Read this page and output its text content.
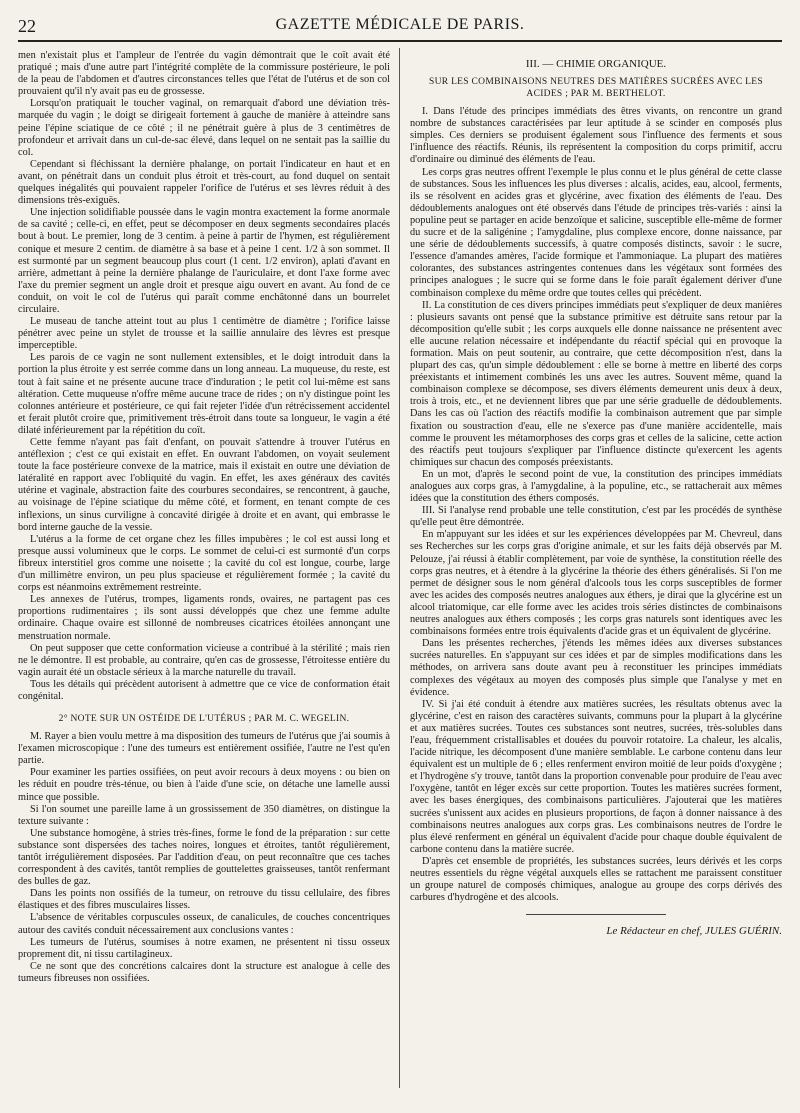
22	GAZETTE MÉDICALE DE PARIS.

men n'existait plus et l'ampleur de l'entrée du vagin démontrait que le coït avait été pratiqué ; mais d'une autre part l'intégrité complète de la commissure postérieure, le poli de la peau de l'abdomen et d'autres circonstances telles que l'état de l'utérus et de son col prouvaient qu'il n'y avait pas eu de grossesse.

Lorsqu'on pratiquait le toucher vaginal, on remarquait d'abord une déviation très-marquée du vagin ; le doigt se dirigeait fortement à gauche de manière à atteindre sans peine l'épine sciatique de ce côté ; il ne pénétrait guère à plus de 3 centimètres de profondeur et arrivait dans un cul-de-sac élevé, dans lequel on ne sentait pas la saillie du col.

Cependant si fléchissant la dernière phalange, on portait l'indicateur en haut et en avant, on pénétrait dans un conduit plus étroit et très-court, au fond duquel on sentait quelques inégalités qui pouvaient rappeler l'orifice de l'utérus et ses lèvres réduit à des dimensions très-exiguës.

Une injection solidifiable poussée dans le vagin montra exactement la forme anormale de sa cavité ; celle-ci, en effet, peut se décomposer en deux segments secondaires placés bout à bout. Le premier, long de 3 centim. à peine à partir de l'hymen, est régulièrement conique et mesure 2 centim. de diamètre à sa base et à peine 1 cent. 1/2 à son sommet. Il est surmonté par un segment beaucoup plus court (1 cent. 1/2 environ), aplati d'avant en arrière, admettant à peine la dernière phalange de l'auriculaire, et dont l'axe forme avec l'axe du premier segment un angle droit et presque aigu ouvert en avant. Au fond de ce conduit, on voit le col de l'utérus qui paraît comme enchâtonné dans un bourrelet circulaire.

Le museau de tanche atteint tout au plus 1 centimètre de diamètre ; l'orifice laisse pénétrer avec peine un stylet de trousse et la saillie annulaire des lèvres est presque imperceptible.

Les parois de ce vagin ne sont nullement extensibles, et le doigt introduit dans la portion la plus étroite y est serrée comme dans un long anneau. La muqueuse, du reste, est tout à fait saine et ne présente aucune trace d'induration ; le petit col lui-même est sans altération. Cette muqueuse n'offre même aucune trace de rides ; on n'y distingue point les colonnes antérieure et postérieure, ce qui fait rejeter l'idée d'un rétrécissement accidentel et ferait plutôt croire que, primitivement très-étroit dans toute sa longueur, le vagin a été dilaté inférieurement par la répétition du coït.

Cette femme n'ayant pas fait d'enfant, on pouvait s'attendre à trouver l'utérus en antéflexion ; c'est ce qui existait en effet. En ouvrant l'abdomen, on voyait seulement toute la face postérieure convexe de la matrice, mais il existait en outre une déviation de latéralité en rapport avec l'obliquité du vagin. En effet, les axes généraux des cavités utérine et vaginale, abstraction faite des courbures secondaires, se rencontrent, à gauche, au voisinage de l'épine sciatique du même côté, et forment, en tenant compte de ces inflexions, un sinus curviligne à concavité dirigée à droite et en avant, qui embrasse le bord interne gauche de la vessie.

L'utérus a la forme de cet organe chez les filles impubères ; le col est aussi long et presque aussi volumineux que le corps. Le sommet de celui-ci est surmonté d'un corps fibreux interstitiel gros comme une noisette ; la cavité du col est longue, courbe, large d'un millimètre environ, un peu plus spacieuse et régulièrement formée ; la cavité du corps est néanmoins extrêmement restreinte.

Les annexes de l'utérus, trompes, ligaments ronds, ovaires, ne partagent pas ces proportions rudimentaires ; ils sont aussi développés que chez une femme adulte ordinaire. Chaque ovaire est sillonné de nombreuses cicatrices étoilées annonçant une menstruation normale.

On peut supposer que cette conformation vicieuse a contribué à la stérilité ; mais rien ne le démontre. Il est probable, au contraire, qu'en cas de grossesse, l'étroitesse entière du vagin aurait été un obstacle sérieux à la marche naturelle du travail.

Tous les détails qui précèdent autorisent à admettre que ce vice de conformation était congénital.

2° NOTE SUR UN OSTÉIDE DE L'UTÉRUS ; PAR M. C. WEGELIN.

M. Rayer a bien voulu mettre à ma disposition des tumeurs de l'utérus que j'ai soumis à l'examen microscopique : l'une des tumeurs est entièrement ossifiée, l'autre ne l'est qu'en partie.

Pour examiner les parties ossifiées, on peut avoir recours à deux moyens : ou bien on les réduit en poudre très-ténue, ou bien à l'aide d'une scie, on détache une lamelle aussi mince que possible.

Si l'on soumet une pareille lame à un grossissement de 350 diamètres, on distingue la texture suivante :

Une substance homogène, à stries très-fines, forme le fond de la préparation : sur cette substance sont dispersées des taches noires, longues et étroites, tantôt régulièrement, tantôt irrégulièrement disposées. Par l'addition d'eau, on peut reconnaître que ces taches correspondent à des cavités, tantôt remplies de gouttelettes graisseuses, tantôt renfermant des bulles de gaz.

Dans les points non ossifiés de la tumeur, on retrouve du tissu cellulaire, des fibres élastiques et des fibres musculaires lisses.

L'absence de véritables corpuscules osseux, de canalicules, de couches concentriques autour des cavités conduit nécessairement aux conclusions vantes :

Les tumeurs de l'utérus, soumises à notre examen, ne présentent ni tissu osseux proprement dit, ni tissu cartilagineux.

Ce ne sont que des concrétions calcaires dont la structure est analogue à celle des tumeurs fibreuses non ossifiées.

III. — CHIMIE ORGANIQUE.
SUR LES COMBINAISONS NEUTRES DES MATIÈRES SUCRÉES AVEC LES ACIDES ; PAR M. BERTHELOT.

I. Dans l'étude des principes immédiats des êtres vivants, on rencontre un grand nombre de substances caractérisées par leur aptitude à se scinder en composés plus simples. Ces derniers se produisent également sous l'influence des ferments et sous l'influence des réactifs. Réunis, ils représentent la composition du corps primitif, accru d'ordinaire ou diminué des éléments de l'eau.

Les corps gras neutres offrent l'exemple le plus connu et le plus général de cette classe de substances. Sous les influences les plus diverses : alcalis, acides, eau, alcool, ferments, ils se résolvent en acides gras et glycérine, avec fixation des éléments de l'eau. Des dédoublements analogues ont été observés dans l'étude de principes très-variés : ainsi la populine peut se partager en acide benzoïque et salicine, susceptible elle-même de former du sucre et de la saligénine ; l'amygdaline, plus complexe encore, donne naissance, par une série de dédoublements successifs, à quatre composés distincts, savoir : le sucre, l'essence d'amandes amères, l'acide formique et l'ammoniaque. La plupart des matières colorantes, des substances astringentes contenues dans les végétaux sont formées des principes analogues ; le sucre qui se forme dans le foie paraît également dériver d'une combinaison complexe du même ordre que toutes celles qui précèdent.

II. La constitution de ces divers principes immédiats peut s'expliquer de deux manières : plusieurs savants ont pensé que la substance primitive est détruite sans retour par la décomposition qu'elle subit ; les corps auxquels elle donne naissance ne présentent avec elle aucune relation nécessaire et indépendante du réactif spécial qui en provoque la formation. Mais on peut soutenir, au contraire, que cette décomposition n'est, dans la plupart des cas, qu'un simple dédoublement : elle se borne à mettre en liberté des corps préexistants et intimement combinés les uns avec les autres. Souvent même, quand la combinaison complexe se décompose, ses divers éléments demeurent unis deux à deux, trois à trois, etc., et ne deviennent libres que par une série graduelle de dédoublements. Dans les cas où l'action des réactifs modifie la combinaison autrement que par simple fixation ou soustraction d'eau, elle ne s'exerce pas d'une manière accidentelle, mais comme le prouvent les métamorphoses des corps gras et celles de la salicine, cette action des réactifs peut toujours s'expliquer par l'influence distincte qu'exercent les agents chimiques sur chacun des composés préexistants.

En un mot, d'après le second point de vue, la constitution des principes immédiats analogues aux corps gras, à l'amygdaline, à la populine, etc., se rattacherait aux mêmes idées que la constitution des éthers composés.

III. Si l'analyse rend probable une telle constitution, c'est par les procédés de synthèse qu'elle peut être démontrée.

En m'appuyant sur les idées et sur les expériences développées par M. Chevreul, dans ses Recherches sur les corps gras d'origine animale, et sur les faits déjà observés par M. Pelouze, j'ai réussi à établir complètement, par voie de synthèse, la constitution réelle des corps gras neutres, et à étendre à la glycérine la théorie des éthers généralisés. Si l'on me permet de désigner sous le nom général d'alcools tous les corps susceptibles de former avec les acides des composés neutres analogues aux éthers, je dirai que la glycérine est un alcool triatomique, car elle forme avec les acides trois séries distinctes de combinaisons neutres analogues aux éthers composés ; les corps gras naturels sont identiques avec les combinaisons formées entre trois équivalents d'acide gras et un équivalent de glycérine.

Dans les présentes recherches, j'étends les mêmes idées aux diverses substances sucrées naturelles. En s'appuyant sur ces idées et par de simples modifications dans les méthodes, on arrivera sans doute avant peu à reconstituer les principes immédiats complexes des végétaux au moyen des composés plus simple que l'analyse y met en évidence.

IV. Si j'ai été conduit à étendre aux matières sucrées, les résultats obtenus avec la glycérine, c'est en raison des caractères suivants, communs pour la plupart à la glycérine et aux matières sucrées. Toutes ces substances sont neutres, sucrées, très-solubles dans l'eau, fréquemment cristallisables et douées du pouvoir rotatoire. La chaleur, les alcalis, l'acide nitrique, les décomposent d'une manière semblable. Le carbone contenu dans leur équivalent est un multiple de 6 ; elles renferment environ moitié de leur poids d'oxygène ; et l'hydrogène s'y trouve, tantôt dans la proportion convenable pour produire de l'eau avec l'oxygène, tantôt en léger excès sur cette proportion. Toutes les matières sucrées forment, avec les bases énergiques, des combinaisons particulières. J'ajouterai que les matières sucrées s'unissent aux acides en plusieurs proportions, de façon à donner naissance à des combinaisons neutres analogues aux corps gras. Les combinaisons neutres de l'ordre le plus élevé renferment en général un équivalent d'acide pour chaque double équivalent de carbone contenu dans la matière sucrée.

D'après cet ensemble de propriétés, les substances sucrées, leurs dérivés et les corps neutres essentiels du règne végétal auxquels elles se rattachent me paraissent constituer un groupe naturel de composés chimiques, analogue au groupe des corps dérivés des carbures d'hydrogène et des alcools.

Le Rédacteur en chef, JULES GUÉRIN.
